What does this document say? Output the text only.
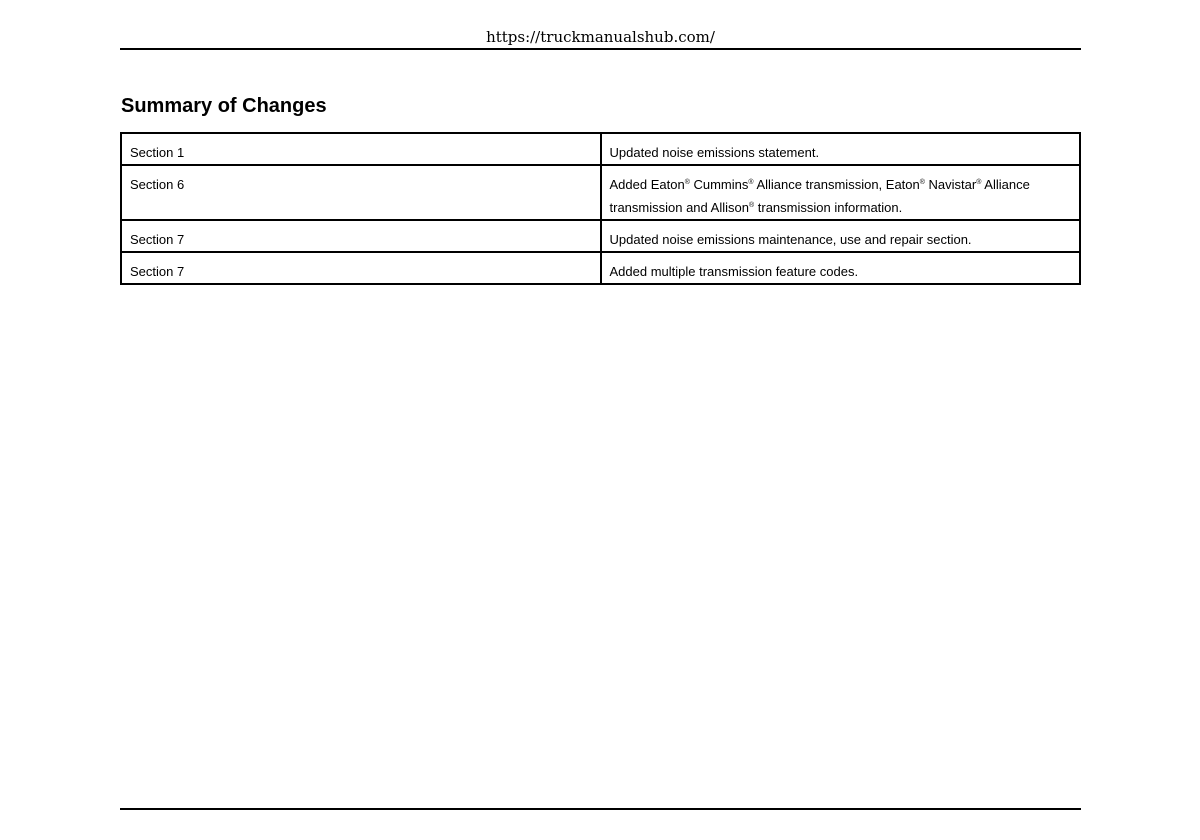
https://truckmanualshub.com/
Summary of Changes
Section 1	Updated noise emissions statement.
Section 6	Added Eaton® Cummins® Alliance transmission, Eaton® Navistar® Alliance transmission and Allison® transmission information.
Section 7	Updated noise emissions maintenance, use and repair section.
Section 7	Added multiple transmission feature codes.
